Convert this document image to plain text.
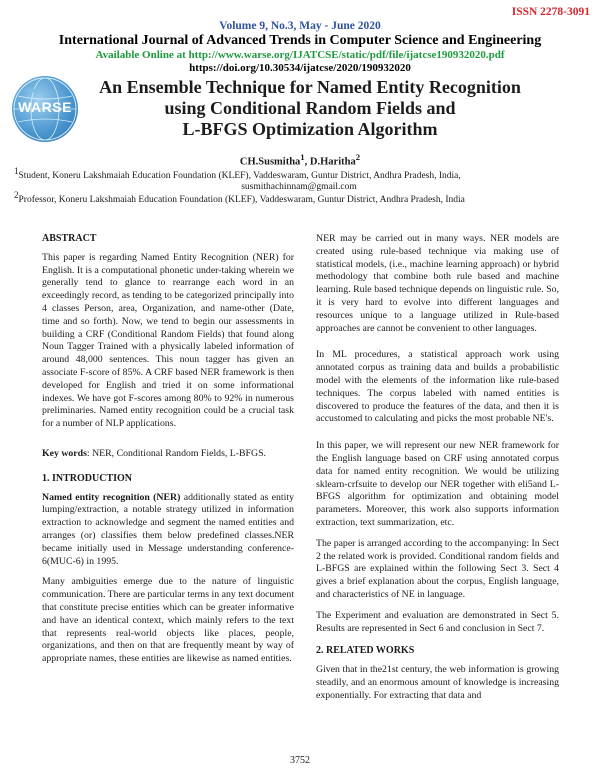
ISSN 2278-3091
Volume 9, No.3, May - June 2020
International Journal of Advanced Trends in Computer Science and Engineering
Available Online at http://www.warse.org/IJATCSE/static/pdf/file/ijatcse190932020.pdf
https://doi.org/10.30534/ijatcse/2020/190932020
WARSE
An Ensemble Technique for Named Entity Recognition
using Conditional Random Fields and
L-BFGS Optimization Algorithm
CH.Susmitha$^1$, D.Haritha$^2$
$^1$Student, Koneru Lakshmaiah Education Foundation (KLEF), Vaddeswaram, Guntur District, Andhra Pradesh, India,
susmithachinnam@gmail.com
$^2$Professor, Koneru Lakshmaiah Education Foundation (KLEF), Vaddeswaram, Guntur District, Andhra Pradesh, India
ABSTRACT

This paper is regarding Named Entity Recognition (NER) for English. It is a computational phonetic under-taking wherein we generally tend to glance to rearrange each word in an exceedingly record, as tending to be categorized principally into 4 classes Person, area, Organization, and name-other (Date, time and so forth). Now, we tend to begin our assessments in building a CRF (Conditional Random Fields) that found along Noun Tagger Trained with a physically labeled information of around 48,000 sentences. This noun tagger has given an associate F-score of 85%. A CRF based NER framework is then developed for English and tried it on some informational indexes. We have got F-scores among 80% to 92% in numerous preliminaries. Named entity recognition could be a crucial task for a number of NLP applications.

Key words: NER, Conditional Random Fields, L-BFGS.

1. INTRODUCTION

Named entity recognition (NER) additionally stated as entity lumping/extraction, a notable strategy utilized in information extraction to acknowledge and segment the named entities and arranges (or) classifies them below predefined classes.NER became initially used in Message understanding conference-6(MUC-6) in 1995.

Many ambiguities emerge due to the nature of linguistic communication. There are particular terms in any text document that constitute precise entities which can be greater informative and have an identical context, which mainly refers to the text that represents real-world objects like places, people, organizations, and then on that are frequently meant by way of appropriate names, these entities are likewise as named entities.

NER may be carried out in many ways. NER models are created using rule-based technique via making use of statistical models, (i.e., machine learning approach) or hybrid methodology that combine both rule based and machine learning. Rule based technique depends on linguistic rule. So, it is very hard to evolve into different languages and resources unique to a language utilized in Rule-based approaches are cannot be convenient to other languages.

In ML procedures, a statistical approach work using annotated corpus as training data and builds a probabilistic model with the elements of the information like rule-based techniques. The corpus labeled with named entities is discovered to produce the features of the data, and then it is accustomed to calculating and picks the most probable NE's.

In this paper, we will represent our new NER framework for the English language based on CRF using annotated corpus data for named entity recognition. We would be utilizing sklearn-crfsuite to develop our NER together with eli5and L-BFGS algorithm for optimization and obtaining model parameters. Moreover, this work also supports information extraction, text summarization, etc.

The paper is arranged according to the accompanying: In Sect 2 the related work is provided. Conditional random fields and L-BFGS are explained within the following Sect 3. Sect 4 gives a brief explanation about the corpus, English language, and characteristics of NE in language.

The Experiment and evaluation are demonstrated in Sect 5. Results are represented in Sect 6 and conclusion in Sect 7.

2. RELATED WORKS

Given that in the21st century, the web information is growing steadily, and an enormous amount of knowledge is increasing exponentially. For extracting that data and

3752
